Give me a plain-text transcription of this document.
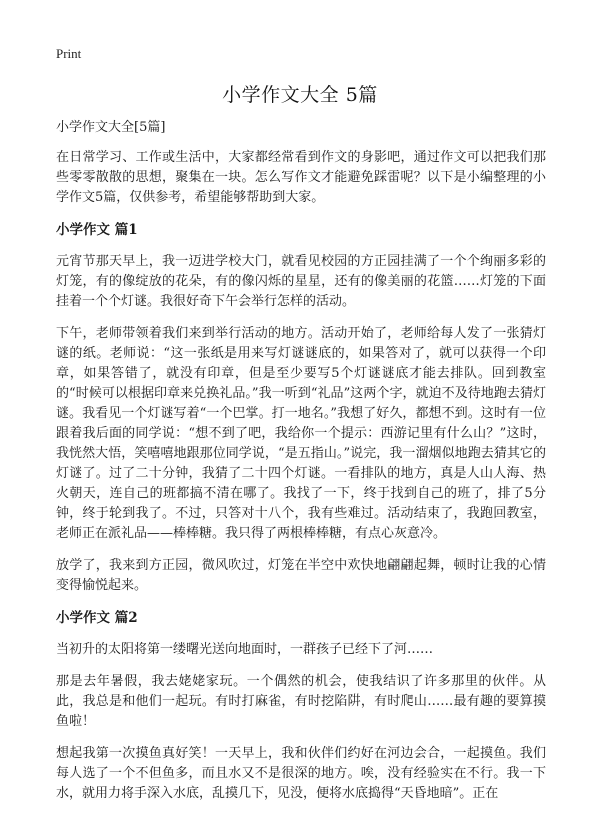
Print
小学作文大全 5篇
小学作文大全[5篇]

在日常学习、工作或生活中，大家都经常看到作文的身影吧，通过作文可以把我们那些零零散散的思想，聚集在一块。怎么写作文才能避免踩雷呢？以下是小编整理的小学作文5篇，仅供参考，希望能够帮助到大家。

小学作文 篇1

元宵节那天早上，我一迈进学校大门，就看见校园的方正园挂满了一个个绚丽多彩的灯笼，有的像绽放的花朵，有的像闪烁的星星，还有的像美丽的花篮……灯笼的下面挂着一个个灯谜。我很好奇下午会举行怎样的活动。

下午，老师带领着我们来到举行活动的地方。活动开始了，老师给每人发了一张猜灯谜的纸。老师说：“这一张纸是用来写灯谜谜底的，如果答对了，就可以获得一个印章，如果答错了，就没有印章，但是至少要写5个灯谜谜底才能去排队。回到教室的“时候可以根据印章来兑换礼品。”我一听到“礼品”这两个字，就迫不及待地跑去猜灯谜。我看见一个灯谜写着“一个巴掌。打一地名。”我想了好久，都想不到。这时有一位跟着我后面的同学说：“想不到了吧，我给你一个提示：西游记里有什么山？”这时，我恍然大悟，笑嘻嘻地跟那位同学说，“是五指山。”说完，我一溜烟似地跑去猜其它的灯谜了。过了二十分钟，我猜了二十四个灯谜。一看排队的地方，真是人山人海、热火朝天，连自己的班都搞不清在哪了。我找了一下，终于找到自己的班了，排了5分钟，终于轮到我了。不过，只答对十八个，我有些难过。活动结束了，我跑回教室，老师正在派礼品——棒棒糖。我只得了两根棒棒糖，有点心灰意冷。

放学了，我来到方正园，微风吹过，灯笼在半空中欢快地翩翩起舞，顿时让我的心情变得愉悦起来。

小学作文 篇2

当初升的太阳将第一缕曙光送向地面时，一群孩子已经下了河……

那是去年暑假，我去姥姥家玩。一个偶然的机会，使我结识了许多那里的伙伴。从此，我总是和他们一起玩。有时打麻雀，有时挖陷阱，有时爬山……最有趣的要算摸鱼啦！

想起我第一次摸鱼真好笑！一天早上，我和伙伴们约好在河边会合，一起摸鱼。我们每人选了一个不但鱼多，而且水又不是很深的地方。唉，没有经验实在不行。我一下水，就用力将手深入水底，乱摸几下，见没，便将水底捣得“天昏地暗”。正在
